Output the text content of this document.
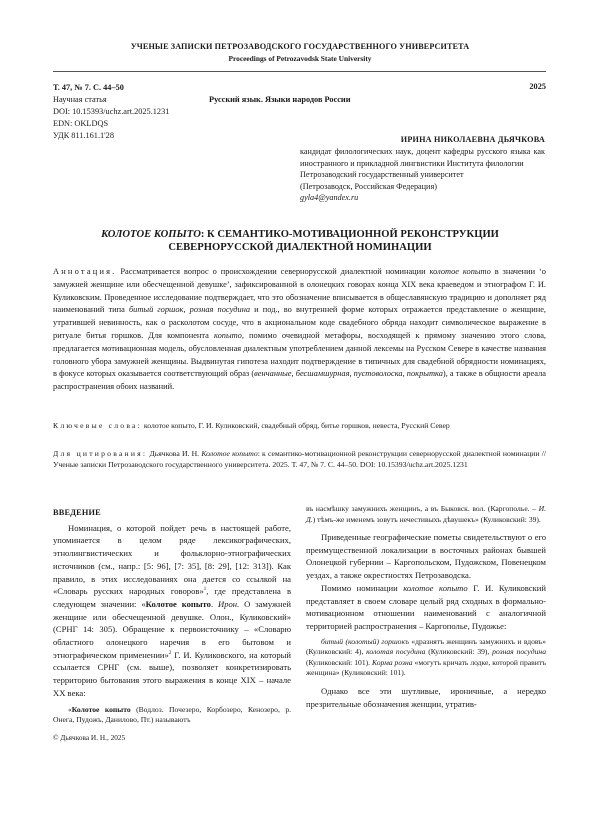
УЧЕНЫЕ ЗАПИСКИ ПЕТРОЗАВОДСКОГО ГОСУДАРСТВЕННОГО УНИВЕРСИТЕТА
Proceedings of Petrozavodsk State University
Т. 47, № 7. С. 44–50
Научная статья
DOI: 10.15393/uchz.art.2025.1231
EDN: OKLDQS
УДК 811.161.1'28
2025
Русский язык. Языки народов России
ИРИНА НИКОЛАЕВНА ДЬЯЧКОВА
кандидат филологических наук, доцент кафедры русского языка как иностранного и прикладной лингвистики Института филологии
Петрозаводский государственный университет
(Петрозаводск, Российская Федерация)
gyla4@yandex.ru
КОЛОТОЕ КОПЫТО: К СЕМАНТИКО-МОТИВАЦИОННОЙ РЕКОНСТРУКЦИИ
СЕВЕРНОРУССКОЙ ДИАЛЕКТНОЙ НОМИНАЦИИ
Аннотация. Рассматривается вопрос о происхождении севернорусской диалектной номинации колотое копыто в значении ‘о замужней женщине или обесчещенной девушке’, зафиксированной в олонецких говорах конца XIX века краеведом и этнографом Г. И. Куликовским. Проведенное исследование подтверждает, что это обозначение вписывается в общеславянскую традицию и дополняет ряд наименований типа битый горшок, розная посудина и под., во внутренней форме которых отражается представление о женщине, утратившей невинность, как о расколотом сосуде, что в акциональном коде свадебного обряда находит символическое выражение в ритуале битья горшков. Для компонента копыто, помимо очевидной метафоры, восходящей к прямому значению этого слова, предлагается мотивационная модель, обусловленная диалектным употреблением данной лексемы на Русском Севере в качестве названия головного убора замужней женщины. Выдвинутая гипотеза находит подтверждение в типичных для свадебной обрядности номинациях, в фокусе которых оказывается соответствующий образ (венчанные, бесшамшурная, пустоволоска, покрытка), а также в общности ареала распространения обоих названий.
Ключевые слова: колотое копыто, Г. И. Куликовский, свадебный обряд, битье горшков, невеста, Русский Север
Для цитирования: Дьячкова И. Н. Колотое копыто: к семантико-мотивационной реконструкции севернорусской диалектной номинации // Ученые записки Петрозаводского государственного университета. 2025. Т. 47, № 7. С. 44–50. DOI: 10.15393/uchz.art.2025.1231
ВВЕДЕНИЕ

Номинация, о которой пойдет речь в настоящей работе, упоминается в целом ряде лексикографических, этнолингвистических и фольклорно-этнографических источников (см., напр.: [5: 96], [7: 35], [8: 29], [12: 313]). Как правило, в этих исследованиях она дается со ссылкой на «Словарь русских народных говоров»$^1$, где представлена в следующем значении: «Колотое копыто. Ирон. О замужней женщине или обесчещенной девушке. Олон., Куликовский» (СРНГ 14: 305). Обращение к первоисточнику – «Словарю областного олонецкого наречия в его бытовом и этнографическом применении»$^2$ Г. И. Куликовского, на который ссылается СРНГ (см. выше), позволяет конкретизировать территорию бытования этого выражения в конце XIX – начале XX века:

«Колотое копыто (Водлоз. Почезеро, Корбозеро, Кенозеро, р. Онега, Пудожъ, Данилово, Пт.) называютъ

© Дьячкова И. Н., 2025
въ насмѣшку замужнихъ женщинъ, а въ Быковск. вол. (Каргополье. – И. Д.) тѣмъ-же именемъ зовутъ нечестивыхъ дѣвушекъ» (Куликовский: 39).

Приведенные географические пометы свидетельствуют о его преимущественной локализации в восточных районах бывшей Олонецкой губернии – Каргопольском, Пудожском, Повенецком уездах, а также окрестностях Петрозаводска.

Помимо номинации колотое копыто Г. И. Куликовский представляет в своем словаре целый ряд сходных в формально-мотивационном отношении наименований с аналогичной территорией распространения – Каргополье, Пудожье:

битый (колотый) горшокъ «дразнятъ женщинъ замужнихъ и вдовъ» (Куликовский: 4), колотая посудина (Куликовский: 39), розная посудина (Куликовский: 101). Корма розна «могутъ кричать лодке, которой правитъ женщина» (Куликовский: 101).

Однако все эти шутливые, ироничные, а нередко презрительные обозначения женщин, утратив-
